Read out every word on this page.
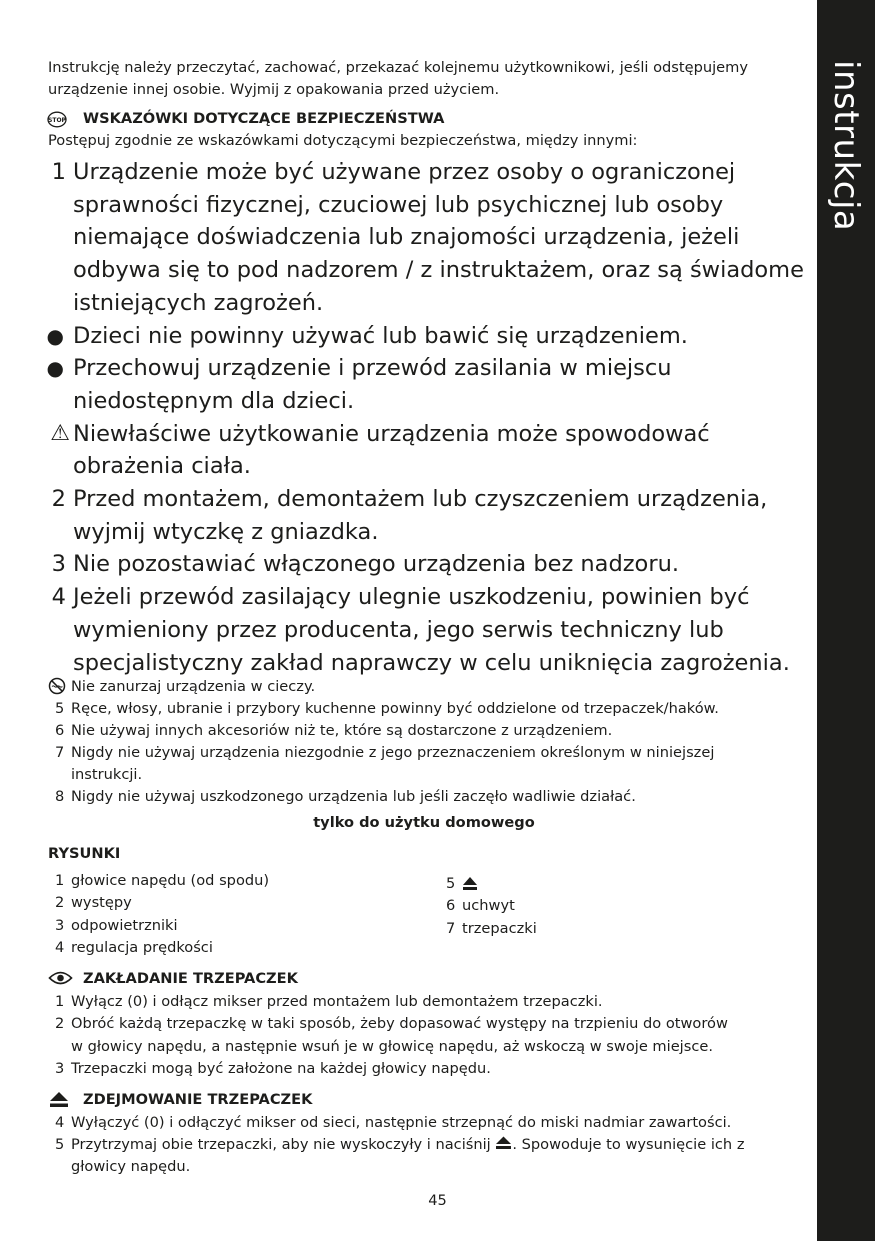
instrukcja
Instrukcję należy przeczytać, zachować, przekazać kolejnemu użytkownikowi, jeśli odstępujemy
urządzenie innej osobie. Wyjmij z opakowania przed użyciem.
STOP WSKAZÓWKI DOTYCZĄCE BEZPIECZEŃSTWA
Postępuj zgodnie ze wskazówkami dotyczącymi bezpieczeństwa, między innymi:
1 Urządzenie może być używane przez osoby o ograniczonej
sprawności fizycznej, czuciowej lub psychicznej lub osoby
niemające doświadczenia lub znajomości urządzenia, jeżeli
odbywa się to pod nadzorem / z instruktażem, oraz są świadome
istniejących zagrożeń.
● Dzieci nie powinny używać lub bawić się urządzeniem.
● Przechowuj urządzenie i przewód zasilania w miejscu
niedostępnym dla dzieci.
⚠ Niewłaściwe użytkowanie urządzenia może spowodować
obrażenia ciała.
2 Przed montażem, demontażem lub czyszczeniem urządzenia,
wyjmij wtyczkę z gniazdka.
3 Nie pozostawiać włączonego urządzenia bez nadzoru.
4 Jeżeli przewód zasilający ulegnie uszkodzeniu, powinien być
wymieniony przez producenta, jego serwis techniczny lub
specjalistyczny zakład naprawczy w celu uniknięcia zagrożenia.
Nie zanurzaj urządzenia w cieczy.
5 Ręce, włosy, ubranie i przybory kuchenne powinny być oddzielone od trzepaczek/haków.
6 Nie używaj innych akcesoriów niż te, które są dostarczone z urządzeniem.
7 Nigdy nie używaj urządzenia niezgodnie z jego przeznaczeniem określonym w niniejszej
instrukcji.
8 Nigdy nie używaj uszkodzonego urządzenia lub jeśli zaczęło wadliwie działać.
tylko do użytku domowego
RYSUNKI
1 głowice napędu (od spodu)
2 występy
3 odpowietrzniki
4 regulacja prędkości
5
6 uchwyt
7 trzepaczki
ZAKŁADANIE TRZEPACZEK
1 Wyłącz (0) i odłącz mikser przed montażem lub demontażem trzepaczki.
2 Obróć każdą trzepaczkę w taki sposób, żeby dopasować występy na trzpieniu do otworów
w głowicy napędu, a następnie wsuń je w głowicę napędu, aż wskoczą w swoje miejsce.
3 Trzepaczki mogą być założone na każdej głowicy napędu.
ZDEJMOWANIE TRZEPACZEK
4 Wyłączyć (0) i odłączyć mikser od sieci, następnie strzepnąć do miski nadmiar zawartości.
5 Przytrzymaj obie trzepaczki, aby nie wyskoczyły i naciśnij . Spowoduje to wysunięcie ich z
głowicy napędu.
45
